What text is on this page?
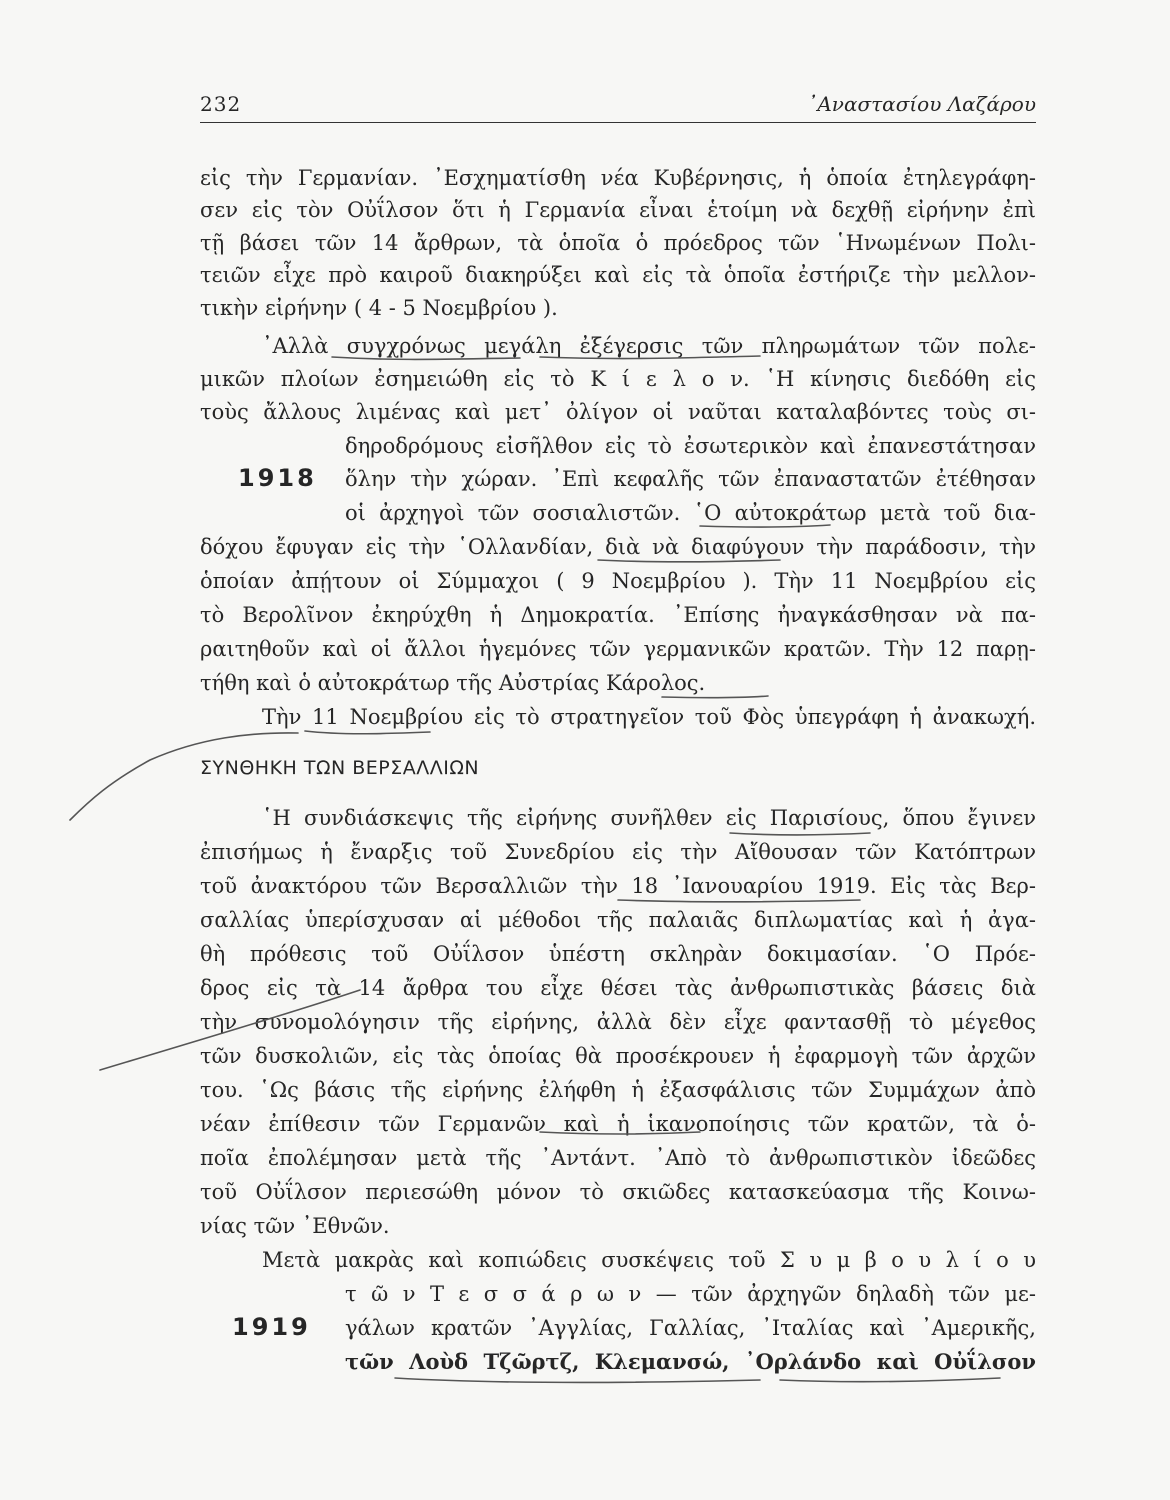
232	᾿Αναστασίου Λαζάρου

εἰς τὴν Γερμανίαν. ᾿Εσχηματίσθη νέα Κυβέρνησις, ἡ ὁποία ἐτηλεγράφη-

σεν εἰς τὸν Οὐΐλσον ὅτι ἡ Γερμανία εἶναι ἑτοίμη νὰ δεχθῇ εἰρήνην ἐπὶ

τῇ βάσει τῶν 14 ἄρθρων, τὰ ὁποῖα ὁ πρόεδρος τῶν ῾Ηνωμένων Πολι-

τειῶν εἶχε πρὸ καιροῦ διακηρύξει καὶ εἰς τὰ ὁποῖα ἐστήριζε τὴν μελλον-

τικὴν εἰρήνην ( 4 - 5 Νοεμβρίου ).

᾿Αλλὰ συγχρόνως μεγάλη ἐξέγερσις τῶν πληρωμάτων τῶν πολε-

μικῶν πλοίων ἐσημειώθη εἰς τὸ Κ ί ε λ ο ν. ῾Η κίνησις διεδόθη εἰς

τοὺς ἄλλους λιμένας καὶ μετ᾿ ὀλίγον οἱ ναῦται καταλαβόντες τοὺς σι-

δηροδρόμους εἰσῆλθον εἰς τὸ ἐσωτερικὸν καὶ ἐπανεστάτησαν

1918 ὅλην τὴν χώραν. ᾿Επὶ κεφαλῆς τῶν ἐπαναστατῶν ἐτέθησαν

οἱ ἀρχηγοὶ τῶν σοσιαλιστῶν. ῾Ο αὐτοκράτωρ μετὰ τοῦ δια-

δόχου ἔφυγαν εἰς τὴν ῾Ολλανδίαν, διὰ νὰ διαφύγουν τὴν παράδοσιν, τὴν

ὁποίαν ἀπῄτουν οἱ Σύμμαχοι ( 9 Νοεμβρίου ). Τὴν 11 Νοεμβρίου εἰς

τὸ Βερολῖνον ἐκηρύχθη ἡ Δημοκρατία. ᾿Επίσης ἠναγκάσθησαν νὰ πα-

ραιτηθοῦν καὶ οἱ ἄλλοι ἡγεμόνες τῶν γερμανικῶν κρατῶν. Τὴν 12 παρῃ-

τήθη καὶ ὁ αὐτοκράτωρ τῆς Αὐστρίας Κάρολος.

Τὴν 11 Νοεμβρίου εἰς τὸ στρατηγεῖον τοῦ Φὸς ὑπεγράφη ἡ ἀνακωχή.

ΣΥΝΘΗΚΗ ΤΩΝ ΒΕΡΣΑΛΛΙΩΝ

῾Η συνδιάσκεψις τῆς εἰρήνης συνῆλθεν εἰς Παρισίους, ὅπου ἔγινεν

ἐπισήμως ἡ ἔναρξις τοῦ Συνεδρίου εἰς τὴν Αἴθουσαν τῶν Κατόπτρων

τοῦ ἀνακτόρου τῶν Βερσαλλιῶν τὴν 18 ᾿Ιανουαρίου 1919. Εἰς τὰς Βερ-

σαλλίας ὑπερίσχυσαν αἱ μέθοδοι τῆς παλαιᾶς διπλωματίας καὶ ἡ ἀγα-

θὴ πρόθεσις τοῦ Οὐΐλσον ὑπέστη σκληρὰν δοκιμασίαν. ῾Ο Πρόε-

δρος εἰς τὰ 14 ἄρθρα του εἶχε θέσει τὰς ἀνθρωπιστικὰς βάσεις διὰ

τὴν συνομολόγησιν τῆς εἰρήνης, ἀλλὰ δὲν εἶχε φαντασθῇ τὸ μέγεθος

τῶν δυσκολιῶν, εἰς τὰς ὁποίας θὰ προσέκρουεν ἡ ἐφαρμογὴ τῶν ἀρχῶν

του. ῾Ως βάσις τῆς εἰρήνης ἐλήφθη ἡ ἐξασφάλισις τῶν Συμμάχων ἀπὸ

νέαν ἐπίθεσιν τῶν Γερμανῶν καὶ ἡ ἱκανοποίησις τῶν κρατῶν, τὰ ὁ-

ποῖα ἐπολέμησαν μετὰ τῆς ᾿Αντάντ. ᾿Απὸ τὸ ἀνθρωπιστικὸν ἰδεῶδες

τοῦ Οὐΐλσον περιεσώθη μόνον τὸ σκιῶδες κατασκεύασμα τῆς Κοινω-

νίας τῶν ᾿Εθνῶν.

Μετὰ μακρὰς καὶ κοπιώδεις συσκέψεις τοῦ Σ υ μ β ο υ λ ί ο υ

τ ῶ ν Τ ε σ σ ά ρ ω ν — τῶν ἀρχηγῶν δηλαδὴ τῶν με-

1919 γάλων κρατῶν ᾿Αγγλίας, Γαλλίας, ᾿Ιταλίας καὶ ᾿Αμερικῆς,

τῶν Λοὺδ Τζῶρτζ, Κλεμανσώ, ᾿Ορλάνδο καὶ Οὐΐλσον
